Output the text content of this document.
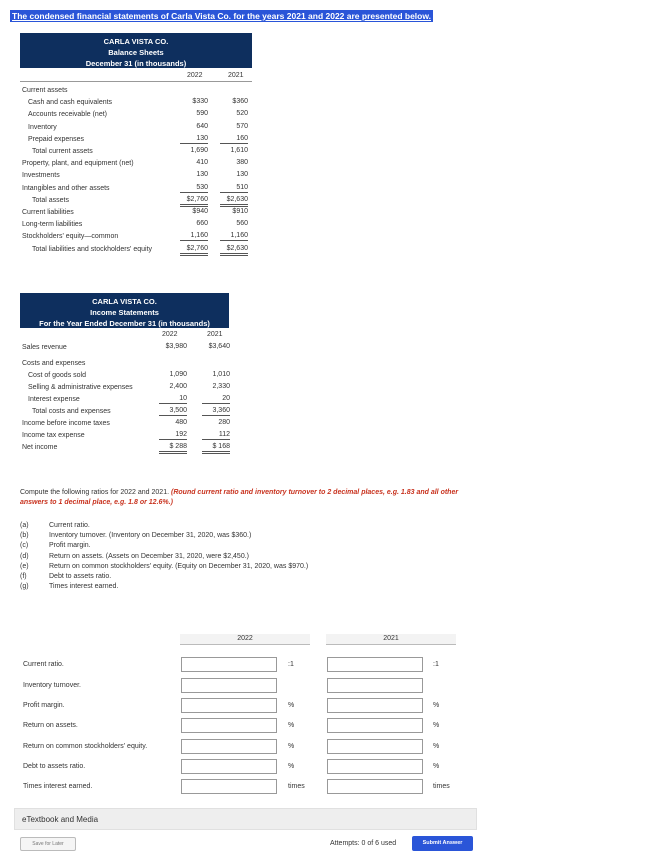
The condensed financial statements of Carla Vista Co. for the years 2021 and 2022 are presented below.
CARLA VISTA CO.
Balance Sheets
December 31 (in thousands)
2022	2021
Current assets
Cash and cash equivalents	$330	$360
Accounts receivable (net)	590	520
Inventory	640	570
Prepaid expenses	130	160
Total current assets	1,690	1,610
Property, plant, and equipment (net)	410	380
Investments	130	130
Intangibles and other assets	530	510
Total assets	$2,760	$2,630
Current liabilities	$940	$910
Long-term liabilities	660	560
Stockholders' equity—common	1,160	1,160
Total liabilities and stockholders' equity	$2,760	$2,630
CARLA VISTA CO.
Income Statements
For the Year Ended December 31 (in thousands)
2022	2021
Sales revenue	$3,980	$3,640
Costs and expenses
Cost of goods sold	1,090	1,010
Selling & administrative expenses	2,400	2,330
Interest expense	10	20
Total costs and expenses	3,500	3,360
Income before income taxes	480	280
Income tax expense	192	112
Net income	$ 288	$ 168
Compute the following ratios for 2022 and 2021. (Round current ratio and inventory turnover to 2 decimal places, e.g. 1.83 and all other answers to 1 decimal place, e.g. 1.8 or 12.6%.)
(a)	Current ratio.
(b)	Inventory turnover. (Inventory on December 31, 2020, was $360.)
(c)	Profit margin.
(d)	Return on assets. (Assets on December 31, 2020, were $2,450.)
(e)	Return on common stockholders' equity. (Equity on December 31, 2020, was $970.)
(f)	Debt to assets ratio.
(g)	Times interest earned.
2022	2021
Current ratio.	:1	:1
Inventory turnover.
Profit margin.	%	%
Return on assets.	%	%
Return on common stockholders' equity.	%	%
Debt to assets ratio.	%	%
Times interest earned.	times	times
eTextbook and Media
Save for Later	Attempts: 0 of 6 used	Submit Answer
